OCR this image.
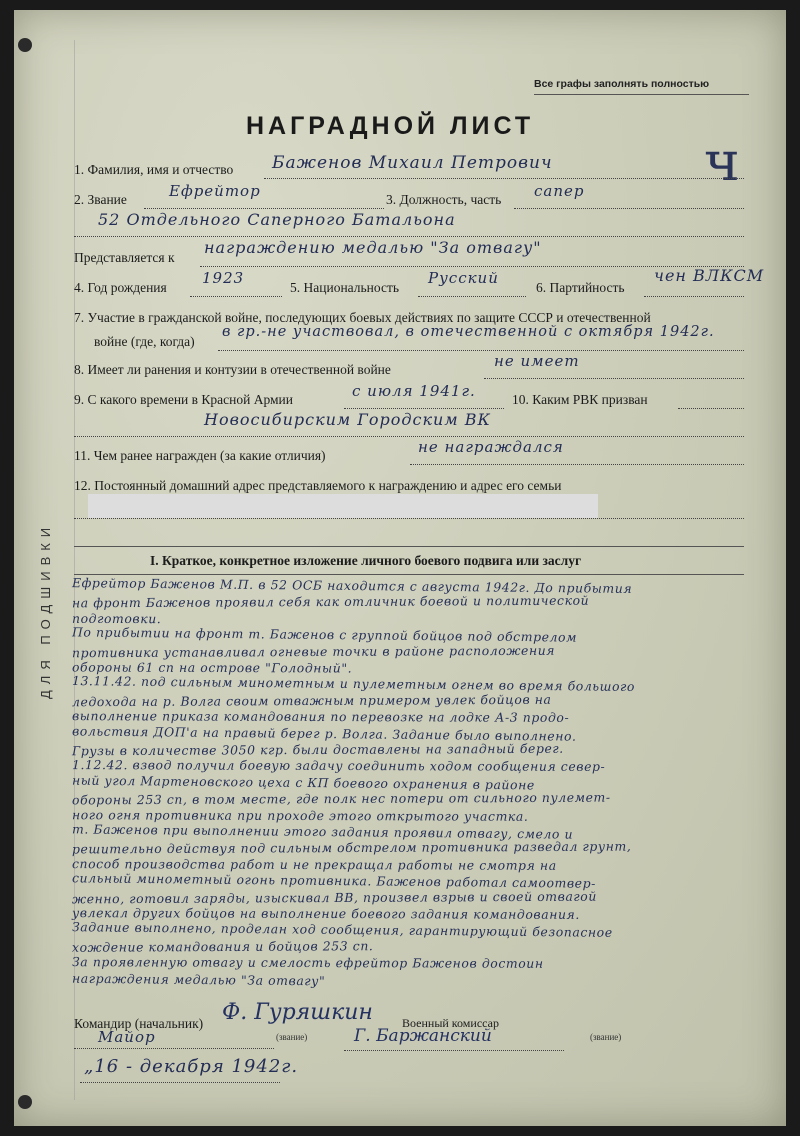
ДЛЯ ПОДШИВКИ
Все графы заполнять полностью
НАГРАДНОЙ ЛИСТ
ч
1. Фамилия, имя и отчество Баженов Михаил Петрович
2. Звание	Ефрейтор	3. Должность, часть сапер
52 Отдельного Саперного Батальона
Представляется к
награждению медалью "За отвагу"
4. Год рождения
1923
5. Национальность
Русский
6. Партийность
чен ВЛКСМ
7. Участие в гражданской войне, последующих боевых действиях по защите СССР и отечественной
войне (где, когда)
в гр.-не участвовал, в отечественной с октября 1942г.
8. Имеет ли ранения и контузии в отечественной войне	не имеет
9. С какого времени в Красной Армии	с июля 1941г.	10. Каким РВК призван
Новосибирским Городским ВК
11. Чем ранее награжден (за какие отличия)	не награждался
12. Постоянный домашний адрес представляемого к награждению и адрес его семьи
I. Краткое, конкретное изложение личного боевого подвига или заслуг
Ефрейтор Баженов М.П. в 52 ОСБ находится с августа 1942г. До прибытия
на фронт Баженов проявил себя как отличник боевой и политической
подготовки.
По прибытии на фронт т. Баженов с группой бойцов под обстрелом
противника устанавливал огневые точки в районе расположения
обороны 61 сп на острове "Голодный".
13.11.42. под сильным минометным и пулеметным огнем во время большого
ледохода на р. Волга своим отважным примером увлек бойцов на
выполнение приказа командования по перевозке на лодке А-3 продо-
вольствия ДОП'а на правый берег р. Волга. Задание было выполнено.
Грузы в количестве 3050 кгр. были доставлены на западный берег.
1.12.42. взвод получил боевую задачу соединить ходом сообщения север-
ный угол Мартеновского цеха с КП боевого охранения в районе
обороны 253 сп, в том месте, где полк нес потери от сильного пулемет-
ного огня противника при проходе этого открытого участка.
т. Баженов при выполнении этого задания проявил отвагу, смело и
решительно действуя под сильным обстрелом противника разведал грунт,
способ производства работ и не прекращал работы не смотря на
сильный минометный огонь противника. Баженов работал самоотвер-
женно, готовил заряды, изыскивал ВВ, произвел взрыв и своей отвагой
увлекал других бойцов на выполнение боевого задания командования.
Задание выполнено, проделан ход сообщения, гарантирующий безопасное
хождение командования и бойцов 253 сп.
За проявленную отвагу и смелость ефрейтор Баженов достоин
награждения медалью "За отвагу"
Командир (начальник) Ф. Гуряшкин
Майор	(звание)
Военный комиссар
Г. Баржанский	(звание)
„16 - декабря 1942г.
